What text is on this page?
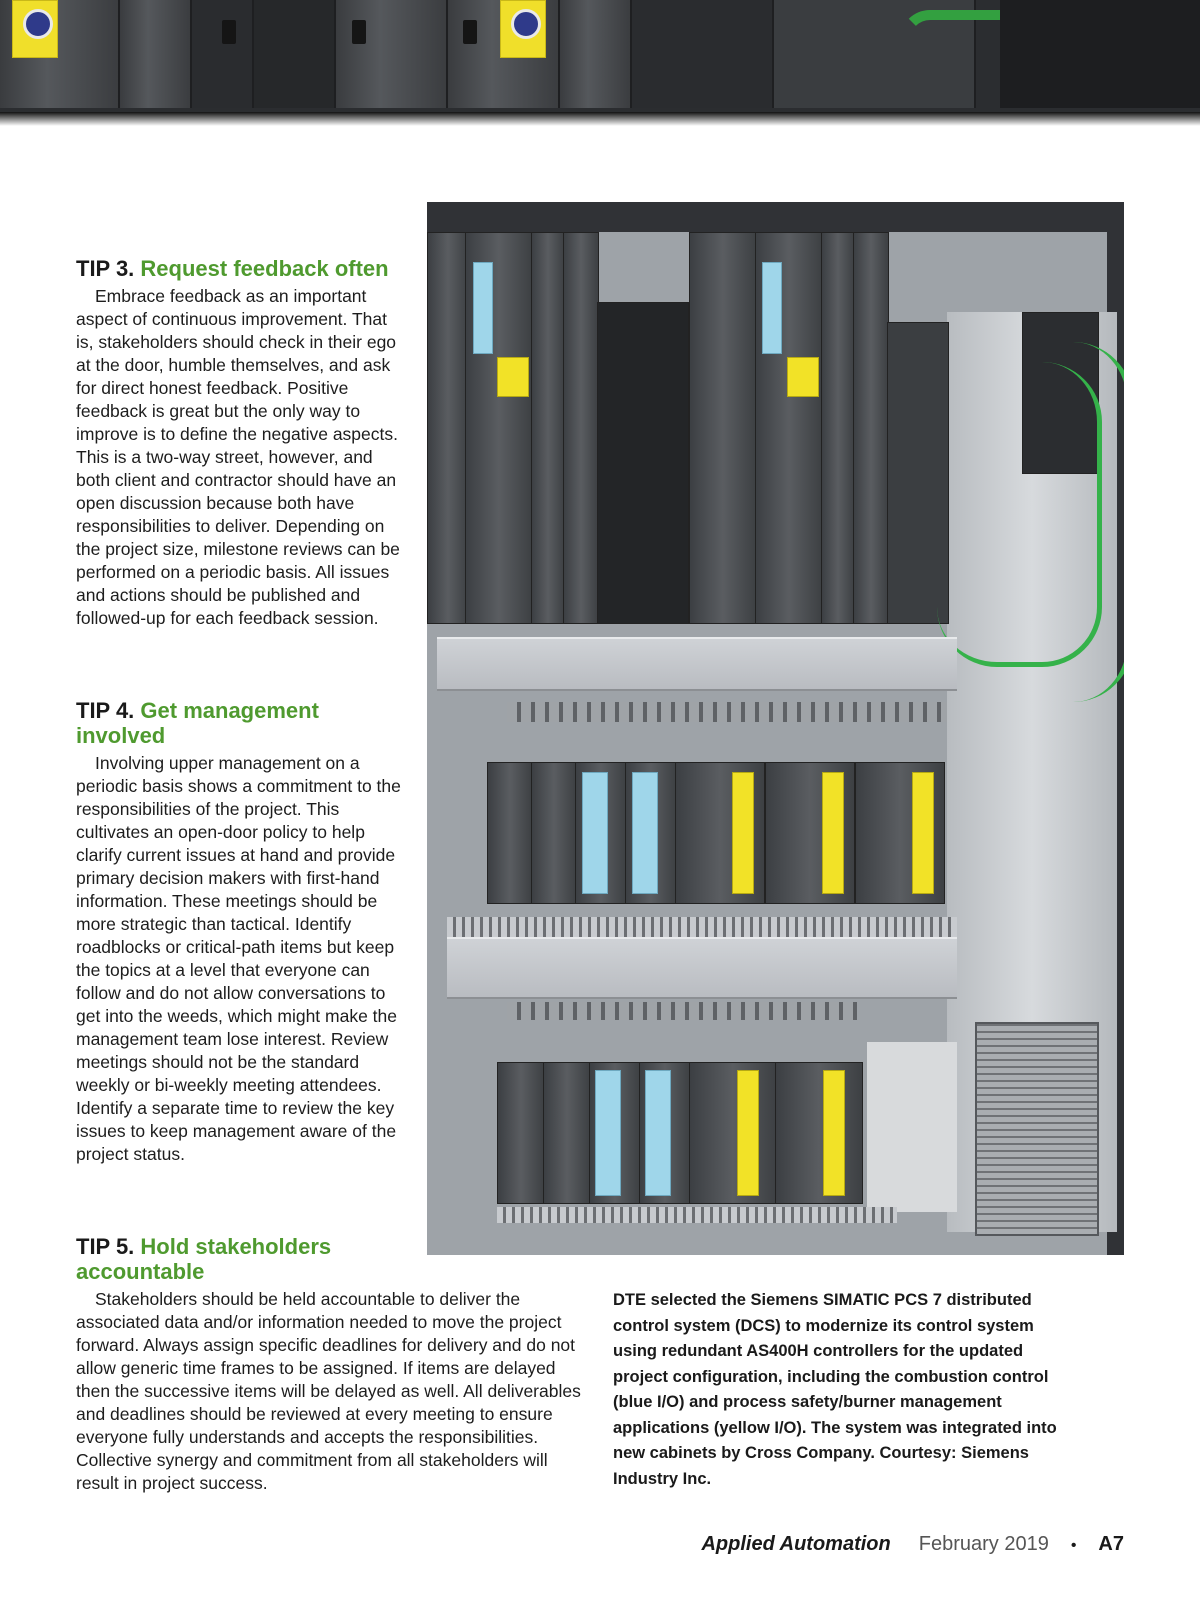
TIP 3. Request feedback often

Embrace feedback as an important aspect of continuous improvement. That is, stakeholders should check in their ego at the door, humble themselves, and ask for direct honest feedback. Positive feedback is great but the only way to improve is to define the negative aspects. This is a two-way street, however, and both client and contractor should have an open discussion because both have responsibilities to deliver. Depending on the project size, milestone reviews can be performed on a periodic basis. All issues and actions should be published and followed-up for each feedback session.

TIP 4. Get management involved

Involving upper management on a periodic basis shows a commitment to the responsibilities of the project. This cultivates an open-door policy to help clarify current issues at hand and provide primary decision makers with first-hand information. These meetings should be more strategic than tactical. Identify roadblocks or critical-path items but keep the topics at a level that everyone can follow and do not allow conversations to get into the weeds, which might make the management team lose interest. Review meetings should not be the standard weekly or bi-weekly meeting attendees. Identify a separate time to review the key issues to keep management aware of the project status.

TIP 5. Hold stakeholders accountable

Stakeholders should be held accountable to deliver the associated data and/or information needed to move the project forward. Always assign specific deadlines for delivery and do not allow generic time frames to be assigned. If items are delayed then the successive items will be delayed as well. All deliverables and deadlines should be reviewed at every meeting to ensure everyone fully understands and accepts the responsibilities. Collective synergy and commitment from all stakeholders will result in project success.

DTE selected the Siemens SIMATIC PCS 7 distributed control system (DCS) to modernize its control system using redundant AS400H controllers for the updated project configuration, including the combustion control (blue I/O) and process safety/burner management applications (yellow I/O). The system was integrated into new cabinets by Cross Company. Courtesy: Siemens Industry Inc.

Applied Automation February 2019 • A7
